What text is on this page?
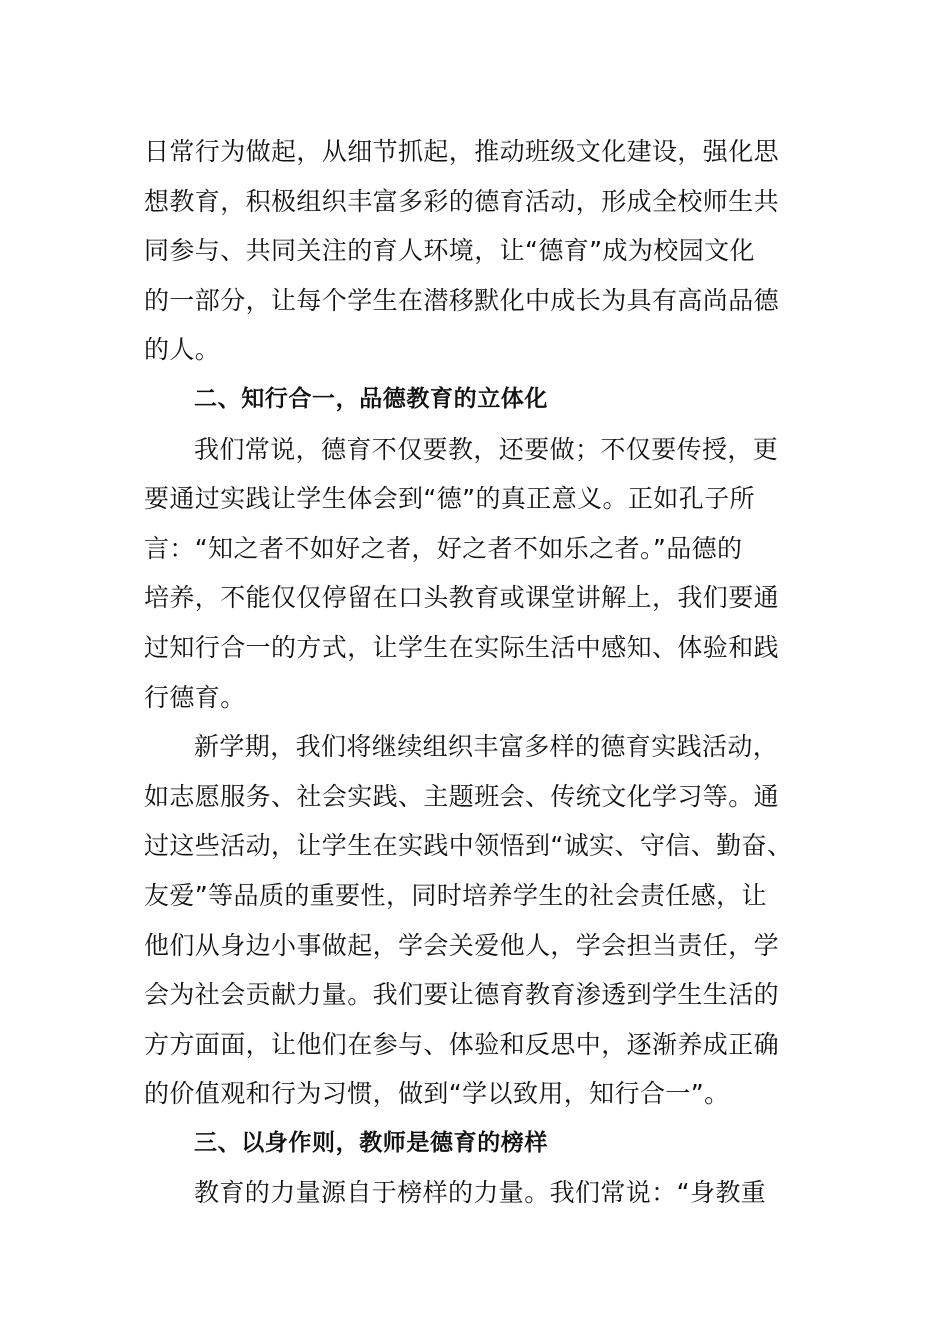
日常行为做起，从细节抓起，推动班级文化建设，强化思
想教育，积极组织丰富多彩的德育活动，形成全校师生共
同参与、共同关注的育人环境，让“德育”成为校园文化
的一部分，让每个学生在潜移默化中成长为具有高尚品德
的人。
二、知行合一，品德教育的立体化
我们常说，德育不仅要教，还要做；不仅要传授，更
要通过实践让学生体会到“德”的真正意义。正如孔子所
言：“知之者不如好之者，好之者不如乐之者。”品德的
培养，不能仅仅停留在口头教育或课堂讲解上，我们要通
过知行合一的方式，让学生在实际生活中感知、体验和践
行德育。
新学期，我们将继续组织丰富多样的德育实践活动，
如志愿服务、社会实践、主题班会、传统文化学习等。通
过这些活动，让学生在实践中领悟到“诚实、守信、勤奋、
友爱”等品质的重要性，同时培养学生的社会责任感，让
他们从身边小事做起，学会关爱他人，学会担当责任，学
会为社会贡献力量。我们要让德育教育渗透到学生生活的
方方面面，让他们在参与、体验和反思中，逐渐养成正确
的价值观和行为习惯，做到“学以致用，知行合一”。
三、以身作则，教师是德育的榜样
教育的力量源自于榜样的力量。我们常说：“身教重
